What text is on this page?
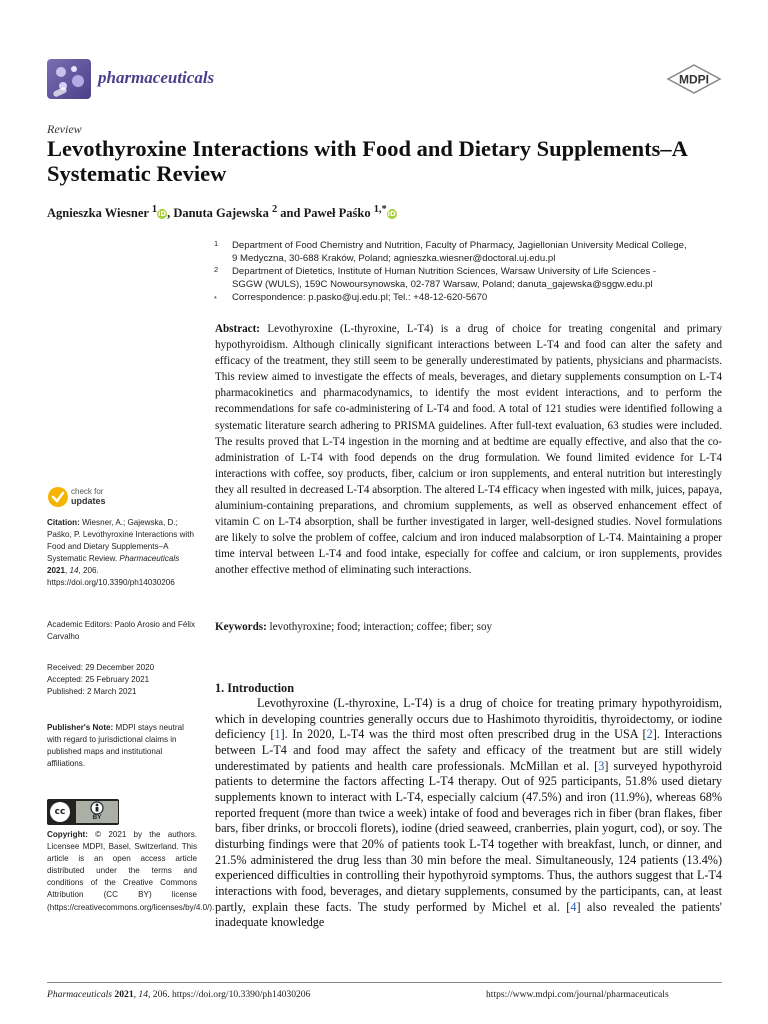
pharmaceuticals	MDPI
Review
Levothyroxine Interactions with Food and Dietary Supplements–A Systematic Review
Agnieszka Wiesner $^1$iD, Danuta Gajewska $^2$ and Paweł Paśko $^{1,*}$iD
1 Department of Food Chemistry and Nutrition, Faculty of Pharmacy, Jagiellonian University Medical College,
9 Medyczna, 30-688 Kraków, Poland; agnieszka.wiesner@doctoral.uj.edu.pl
2 Department of Dietetics, Institute of Human Nutrition Sciences, Warsaw University of Life Sciences -
SGGW (WULS), 159C Nowoursynowska, 02-787 Warsaw, Poland; danuta_gajewska@sggw.edu.pl
* Correspondence: p.pasko@uj.edu.pl; Tel.: +48-12-620-5670
Abstract: Levothyroxine (L-thyroxine, L-T4) is a drug of choice for treating congenital and primary hypothyroidism. Although clinically significant interactions between L-T4 and food can alter the safety and efficacy of the treatment, they still seem to be generally underestimated by patients, physicians and pharmacists. This review aimed to investigate the effects of meals, beverages, and dietary supplements consumption on L-T4 pharmacokinetics and pharmacodynamics, to identify the most evident interactions, and to perform the recommendations for safe co-administering of L-T4 and food. A total of 121 studies were identified following a systematic literature search adhering to PRISMA guidelines. After full-text evaluation, 63 studies were included. The results proved that L-T4 ingestion in the morning and at bedtime are equally effective, and also that the co-administration of L-T4 with food depends on the drug formulation. We found limited evidence for L-T4 interactions with coffee, soy products, fiber, calcium or iron supplements, and enteral nutrition but interestingly they all resulted in decreased L-T4 absorption. The altered L-T4 efficacy when ingested with milk, juices, papaya, aluminium-containing preparations, and chromium supplements, as well as observed enhancement effect of vitamin C on L-T4 absorption, shall be further investigated in larger, well-designed studies. Novel formulations are likely to solve the problem of coffee, calcium and iron induced malabsorption of L-T4. Maintaining a proper time interval between L-T4 and food intake, especially for coffee and calcium, or iron supplements, provides another effective method of eliminating such interactions.
Keywords: levothyroxine; food; interaction; coffee; fiber; soy
check for
updates
Citation: Wiesner, A.; Gajewska, D.; Paśko, P. Levothyroxine Interactions with Food and Dietary Supplements–A Systematic Review. Pharmaceuticals 2021, 14, 206. https://doi.org/10.3390/ph14030206
Academic Editors: Paolo Arosio and Félix Carvalho
Received: 29 December 2020
Accepted: 25 February 2021
Published: 2 March 2021
Publisher's Note: MDPI stays neutral with regard to jurisdictional claims in published maps and institutional affiliations.
cc
BY
Copyright: © 2021 by the authors. Licensee MDPI, Basel, Switzerland. This article is an open access article distributed under the terms and conditions of the Creative Commons Attribution (CC BY) license (https://creativecommons.org/licenses/by/4.0/).
1. Introduction
Levothyroxine (L-thyroxine, L-T4) is a drug of choice for treating primary hypothyroidism, which in developing countries generally occurs due to Hashimoto thyroiditis, thyroidectomy, or iodine deficiency [1]. In 2020, L-T4 was the third most often prescribed drug in the USA [2]. Interactions between L-T4 and food may affect the safety and efficacy of the treatment but are still widely underestimated by patients and health care professionals. McMillan et al. [3] surveyed hypothyroid patients to determine the factors affecting L-T4 therapy. Out of 925 participants, 51.8% used dietary supplements known to interact with L-T4, especially calcium (47.5%) and iron (11.9%), whereas 68% reported frequent (more than twice a week) intake of food and beverages rich in fiber (bran flakes, fiber bars, fiber drinks, or broccoli florets), iodine (dried seaweed, cranberries, plain yogurt, cod), or soy. The disturbing findings were that 20% of patients took L-T4 together with breakfast, lunch, or dinner, and 21.5% administered the drug less than 30 min before the meal. Simultaneously, 124 patients (13.4%) experienced difficulties in controlling their hypothyroid symptoms. Thus, the authors suggest that L-T4 interactions with food, beverages, and dietary supplements, consumed by the participants, can, at least partly, explain these facts. The study performed by Michel et al. [4] also revealed the patients' inadequate knowledge
Pharmaceuticals 2021, 14, 206. https://doi.org/10.3390/ph14030206	https://www.mdpi.com/journal/pharmaceuticals
